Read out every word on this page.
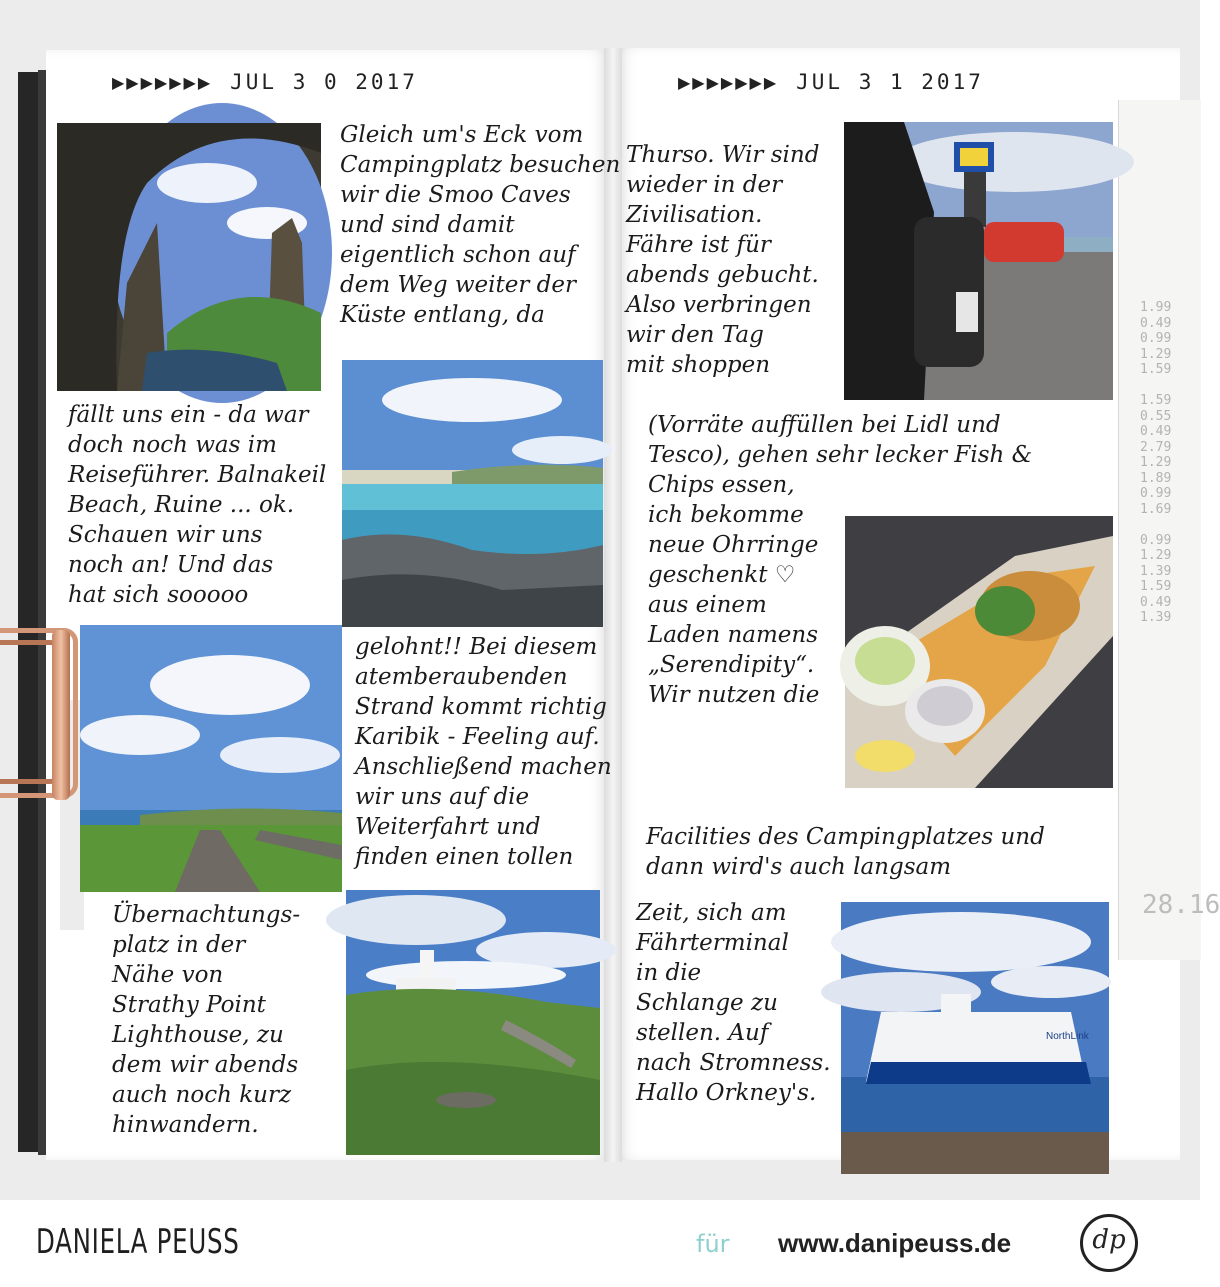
1.99
0.49
0.99
1.29
1.59

1.59
0.55
0.49
2.79
1.29
1.89
0.99
1.69

0.99
1.29
1.39
1.59
0.49
1.39
28.16
▶▶▶▶▶▶▶ JUL 3 0 2017	▶▶▶▶▶▶▶ JUL 3 1 2017
NorthLink
Gleich um's Eck vom
Campingplatz besuchen
wir die Smoo Caves
und sind damit
eigentlich schon auf
dem Weg weiter der
Küste entlang, da
fällt uns ein - da war
doch noch was im
Reiseführer. Balnakeil
Beach, Ruine ... ok.
Schauen wir uns
noch an! Und das
hat sich sooooo
gelohnt!! Bei diesem
atemberaubenden
Strand kommt richtig
Karibik - Feeling auf.
Anschließend machen
wir uns auf die
Weiterfahrt und
finden einen tollen
Übernachtungs-
platz in der
Nähe von
Strathy Point
Lighthouse, zu
dem wir abends
auch noch kurz
hinwandern.
Thurso. Wir sind
wieder in der
Zivilisation.
Fähre ist für
abends gebucht.
Also verbringen
wir den Tag
mit shoppen
(Vorräte auffüllen bei Lidl und
Tesco), gehen sehr lecker Fish &
Chips essen,
ich bekomme
neue Ohrringe
geschenkt ♡
aus einem
Laden namens
„Serendipity“.
Wir nutzen die
Facilities des Campingplatzes und
dann wird's auch langsam
Zeit, sich am
Fährterminal
in die
Schlange zu
stellen. Auf
nach Stromness.
Hallo Orkney's.
DANIELA PEUSS	für www.danipeuss.de	dp
